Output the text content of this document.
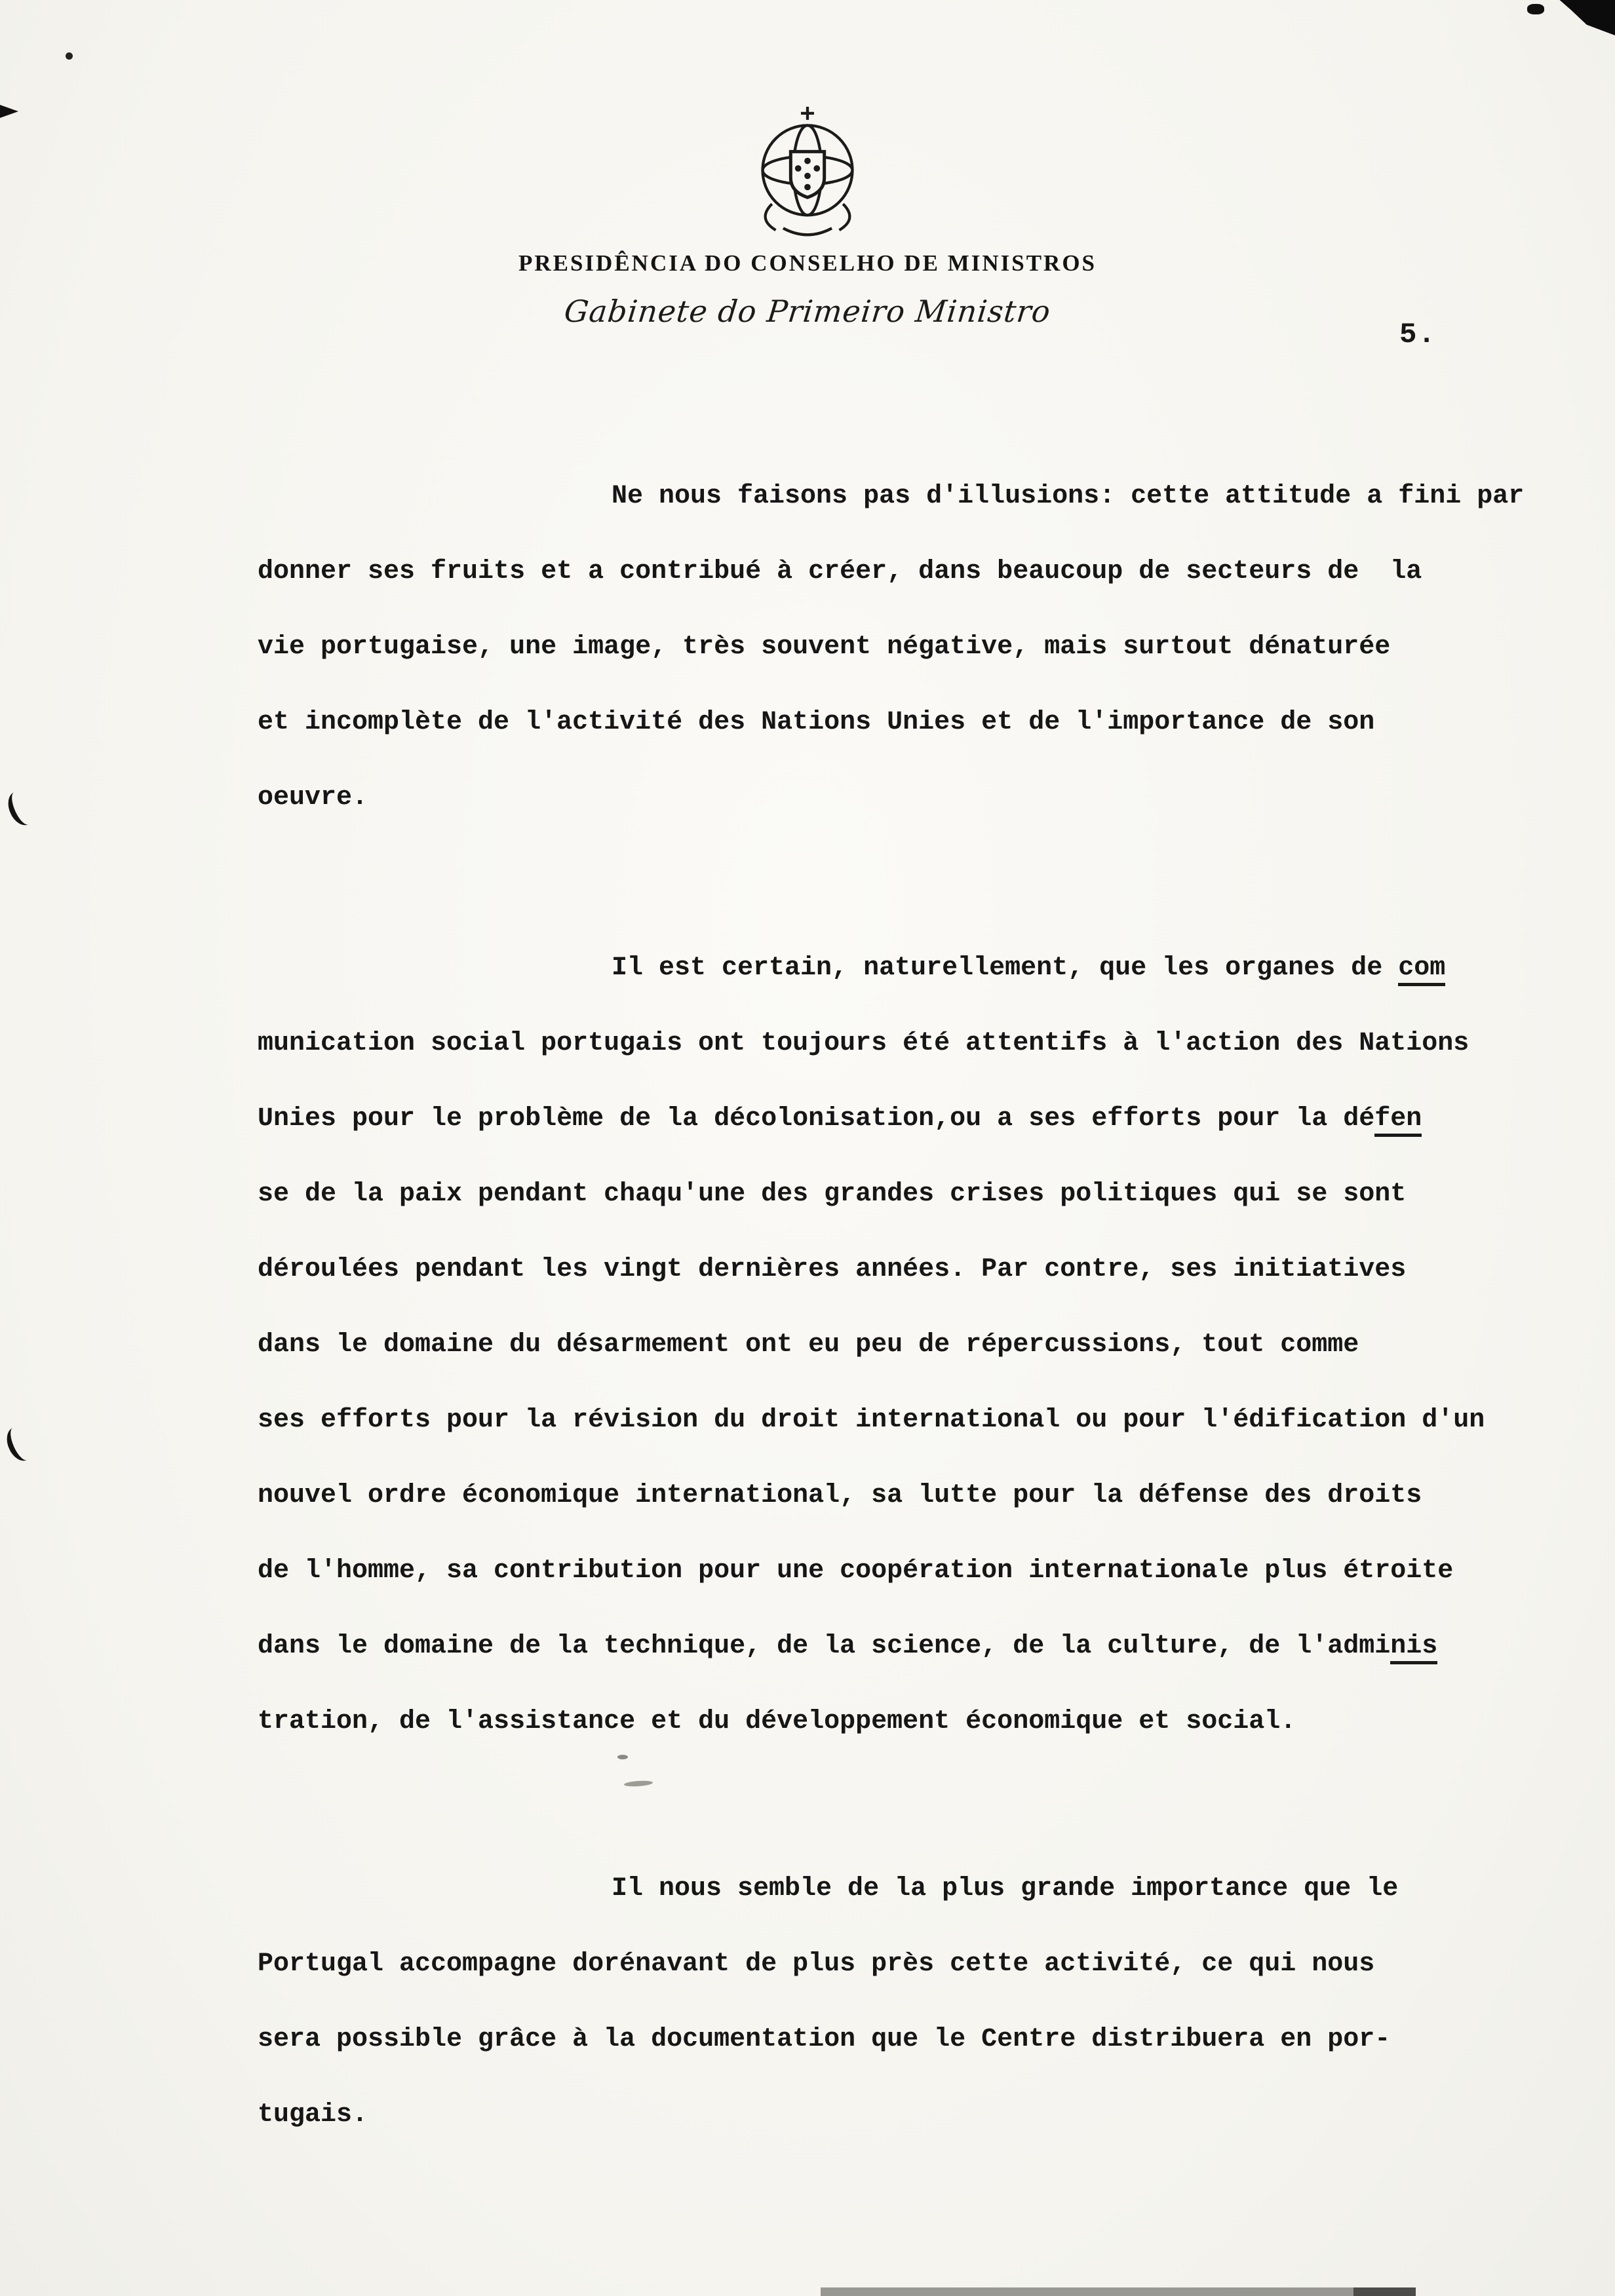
PRESIDÊNCIA DO CONSELHO DE MINISTROS
Gabinete do Primeiro Ministro
5.
Ne nous faisons pas d'illusions: cette attitude a fini par
donner ses fruits et a contribué à créer, dans beaucoup de secteurs de  la
vie portugaise, une image, très souvent négative, mais surtout dénaturée
et incomplète de l'activité des Nations Unies et de l'importance de son
oeuvre.
Il est certain, naturellement, que les organes de com
munication social portugais ont toujours été attentifs à l'action des Nations
Unies pour le problème de la décolonisation,ou a ses efforts pour la défen
se de la paix pendant chaqu'une des grandes crises politiques qui se sont
déroulées pendant les vingt dernières années. Par contre, ses initiatives
dans le domaine du désarmement ont eu peu de répercussions, tout comme
ses efforts pour la révision du droit international ou pour l'édification d'un
nouvel ordre économique international, sa lutte pour la défense des droits
de l'homme, sa contribution pour une coopération internationale plus étroite
dans le domaine de la technique, de la science, de la culture, de l'adminis
tration, de l'assistance et du développement économique et social.
Il nous semble de la plus grande importance que le
Portugal accompagne dorénavant de plus près cette activité, ce qui nous
sera possible grâce à la documentation que le Centre distribuera en por-
tugais.
